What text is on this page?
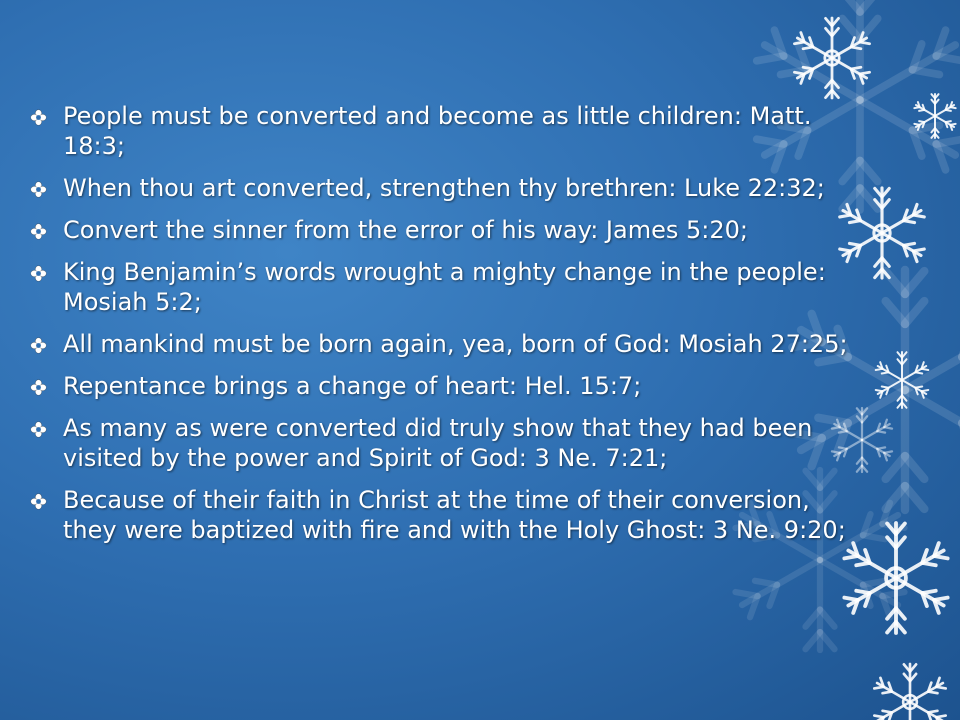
People must be converted and become as little children: Matt. 18:3;
When thou art converted, strengthen thy brethren: Luke 22:32;
Convert the sinner from the error of his way: James 5:20;
King Benjamin’s words wrought a mighty change in the people: Mosiah 5:2;
All mankind must be born again, yea, born of God: Mosiah 27:25;
Repentance brings a change of heart: Hel. 15:7;
As many as were converted did truly show that they had been visited by the power and Spirit of God: 3 Ne. 7:21;
Because of their faith in Christ at the time of their conversion, they were baptized with fire and with the Holy Ghost: 3 Ne. 9:20;
